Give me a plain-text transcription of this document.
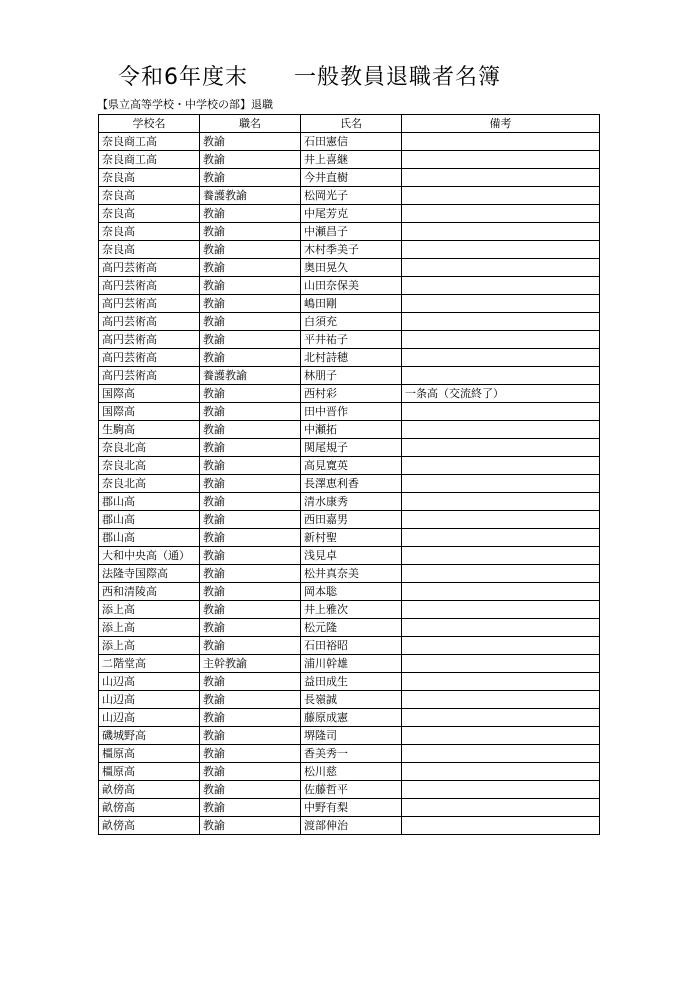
令和6年度末　　一般教員退職者名簿
【県立高等学校・中学校の部】退職
学校名	職名	氏名	備考
奈良商工高	教諭	石田憲信	
奈良商工高	教諭	井上喜継	
奈良高	教諭	今井直樹	
奈良高	養護教諭	松岡光子	
奈良高	教諭	中尾芳克	
奈良高	教諭	中瀬昌子	
奈良高	教諭	木村季美子	
高円芸術高	教諭	奥田晃久	
高円芸術高	教諭	山田奈保美	
高円芸術高	教諭	嶋田剛	
高円芸術高	教諭	白須充	
高円芸術高	教諭	平井祐子	
高円芸術高	教諭	北村詩穂	
高円芸術高	養護教諭	林朋子	
国際高	教諭	西村彩	一条高（交流終了）
国際高	教諭	田中晋作	
生駒高	教諭	中瀬拓	
奈良北高	教諭	関尾規子	
奈良北高	教諭	高見寛英	
奈良北高	教諭	長澤恵利香	
郡山高	教諭	清水康秀	
郡山高	教諭	西田嘉男	
郡山高	教諭	新村聖	
大和中央高（通）	教諭	浅見卓	
法隆寺国際高	教諭	松井真奈美	
西和清陵高	教諭	岡本聡	
添上高	教諭	井上雅次	
添上高	教諭	松元隆	
添上高	教諭	石田裕昭	
二階堂高	主幹教諭	浦川幹雄	
山辺高	教諭	益田成生	
山辺高	教諭	長嶺誠	
山辺高	教諭	藤原成憲	
磯城野高	教諭	堺隆司	
橿原高	教諭	香美秀一	
橿原高	教諭	松川慈	
畝傍高	教諭	佐藤哲平	
畝傍高	教諭	中野有梨	
畝傍高	教諭	渡部伸治	
